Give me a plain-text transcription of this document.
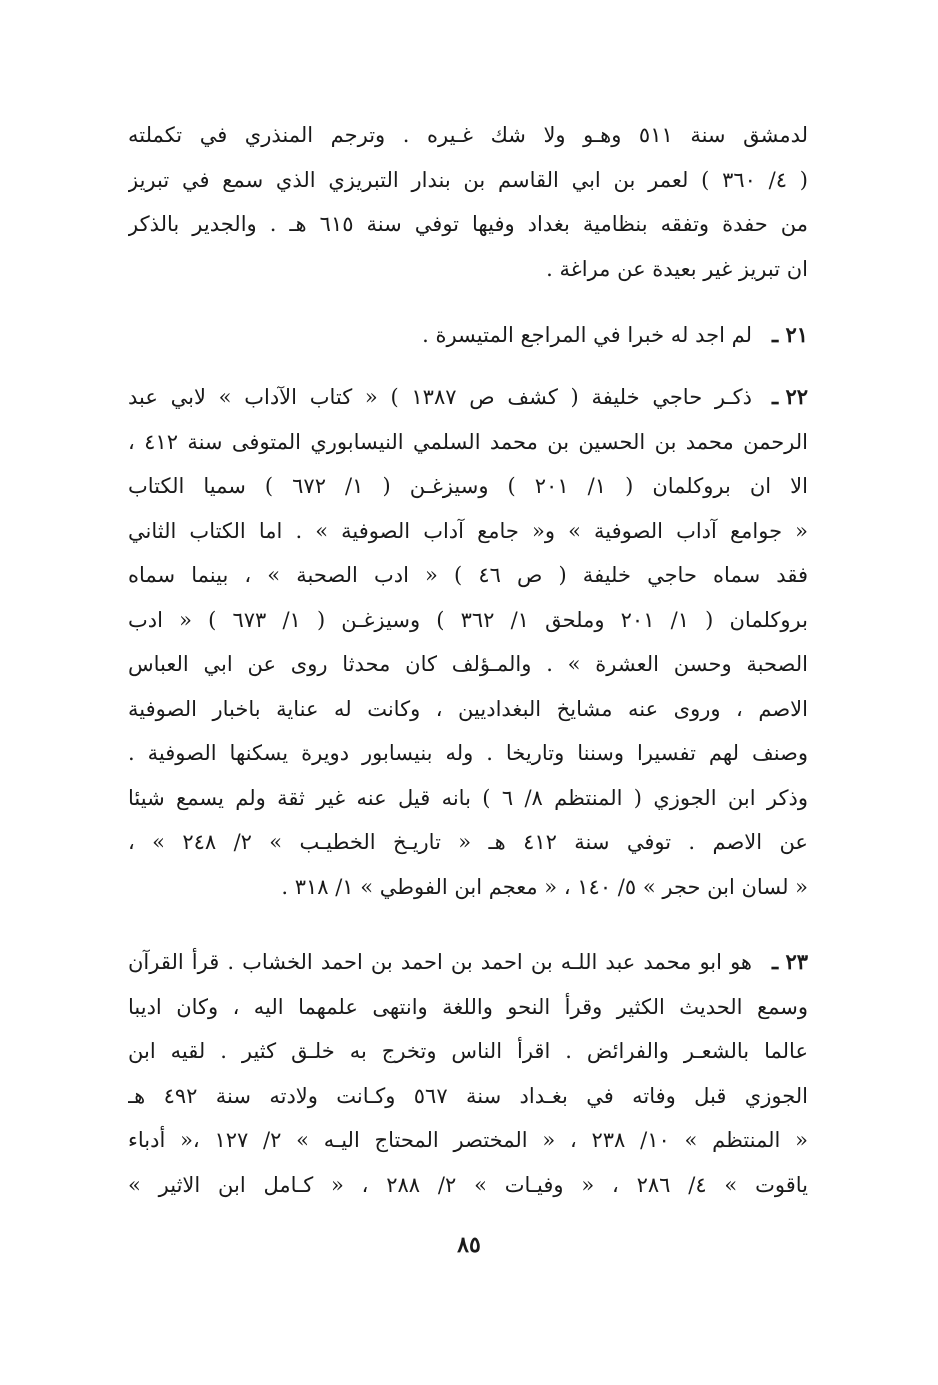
لدمشق سنة ٥١١ وهـو ولا شك غـيره . وترجم المنذري في تكملته
( ٤/ ٣٦٠ ) لعمر بن ابي القاسم بن بندار التبريزي الذي سمع في تبريز
من حفدة وتفقه بنظامية بغداد وفيها توفي سنة ٦١٥ هـ . والجدير بالذكر
ان تبريز غير بعيدة عن مراغة .
٢١ ـ
لم اجد له خبرا في المراجع المتيسرة .
٢٢ ـ
ذكـر حاجي خليفة ( كشف ص ١٣٨٧ ) « كتاب الآداب » لابي عبد
الرحمن محمد بن الحسين بن محمد السلمي النيسابوري المتوفى سنة ٤١٢ ،
الا ان بروكلمان ( ١/ ٢٠١ ) وسيزغـن ( ١/ ٦٧٢ ) سميا الكتاب
« جوامع آداب الصوفية » و« جامع آداب الصوفية » . اما الكتاب الثاني
فقد سماه حاجي خليفة ( ص ٤٦ ) « ادب الصحبة » ، بينما سماه
بروكلمان ( ١/ ٢٠١ وملحق ١/ ٣٦٢ ) وسيزغـن ( ١/ ٦٧٣ ) « ادب
الصحبة وحسن العشرة » . والمـؤلف كان محدثا روى عن ابي العباس
الاصم ، وروى عنه مشايخ البغداديين ، وكانت له عناية باخبار الصوفية
وصنف لهم تفسيرا وسننا وتاريخا . وله بنيسابور دويرة يسكنها الصوفية .
وذكر ابن الجوزي ( المنتظم ٨/ ٦ ) بانه قيل عنه غير ثقة ولم يسمع شيئا
عن الاصم . توفي سنة ٤١٢ هـ « تاريـخ الخطيـب » ٢/ ٢٤٨ » ،
« لسان ابن حجر » ٥/ ١٤٠ ، « معجم ابن الفوطي » ١/ ٣١٨ .
٢٣ ـ
هو ابو محمد عبد اللـه بن احمد بن احمد بن احمد الخشاب . قرأ القرآن
وسمع الحديث الكثير وقرأ النحو واللغة وانتهى علمهما اليه ، وكان اديبا
عالما بالشعـر والفرائض . اقرأ الناس وتخرج به خلـق كثير . لقيه ابن
الجوزي قبل وفاته في بغـداد سنة ٥٦٧ وكـانت ولادته سنة ٤٩٢ هـ
« المنتظم » ١٠/ ٢٣٨ ، « المختصر المحتاج اليـه » ٢/ ١٢٧ ،« أدباء
ياقوت » ٤/ ٢٨٦ ، « وفيـات » ٢/ ٢٨٨ ، « كـامل ابن الاثير »
٨٥
